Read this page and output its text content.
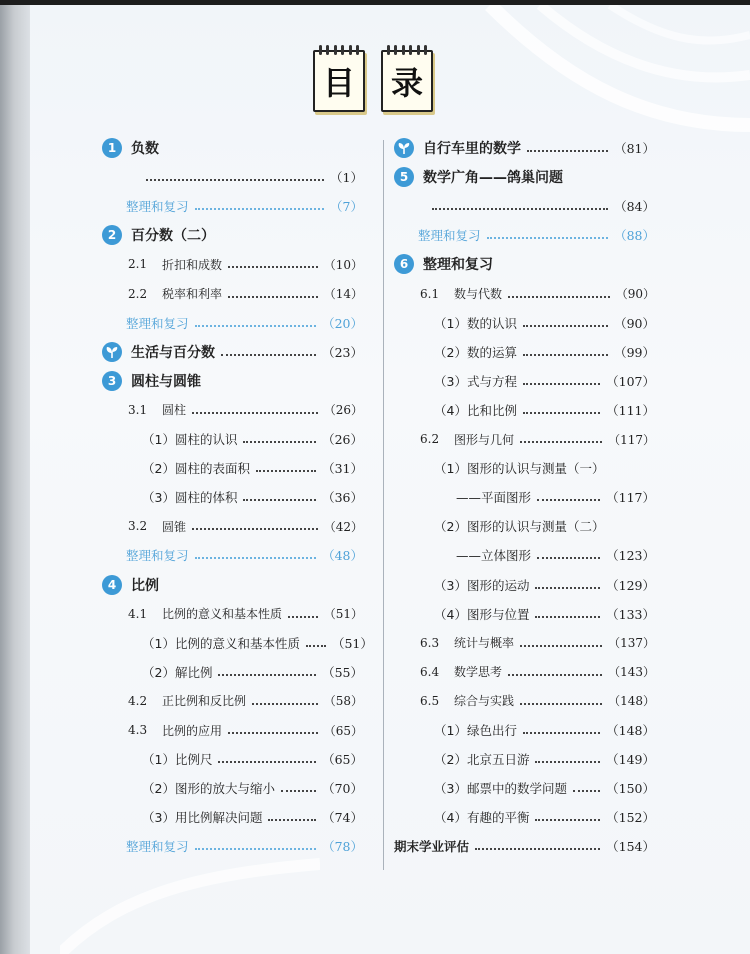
目 录
1	负数
（1）
整理和复习	（7）
2	百分数（二）
2.1	折扣和成数	（10）
2.2	税率和利率	（14）
整理和复习	（20）
生活与百分数	（23）
3	圆柱与圆锥
3.1	圆柱	（26）
（1）圆柱的认识	（26）
（2）圆柱的表面积	（31）
（3）圆柱的体积	（36）
3.2	圆锥	（42）
整理和复习	（48）
4	比例
4.1	比例的意义和基本性质	（51）
（1）比例的意义和基本性质	（51）
（2）解比例	（55）
4.2	正比例和反比例	（58）
4.3	比例的应用	（65）
（1）比例尺	（65）
（2）图形的放大与缩小	（70）
（3）用比例解决问题	（74）
整理和复习	（78）
自行车里的数学	（81）
5	数学广角——鸽巢问题
（84）
整理和复习	（88）
6	整理和复习
6.1	数与代数	（90）
（1）数的认识	（90）
（2）数的运算	（99）
（3）式与方程	（107）
（4）比和比例	（111）
6.2	图形与几何	（117）
（1）图形的认识与测量（一）
——平面图形	（117）
（2）图形的认识与测量（二）
——立体图形	（123）
（3）图形的运动	（129）
（4）图形与位置	（133）
6.3	统计与概率	（137）
6.4	数学思考	（143）
6.5	综合与实践	（148）
（1）绿色出行	（148）
（2）北京五日游	（149）
（3）邮票中的数学问题	（150）
（4）有趣的平衡	（152）
期末学业评估	（154）
